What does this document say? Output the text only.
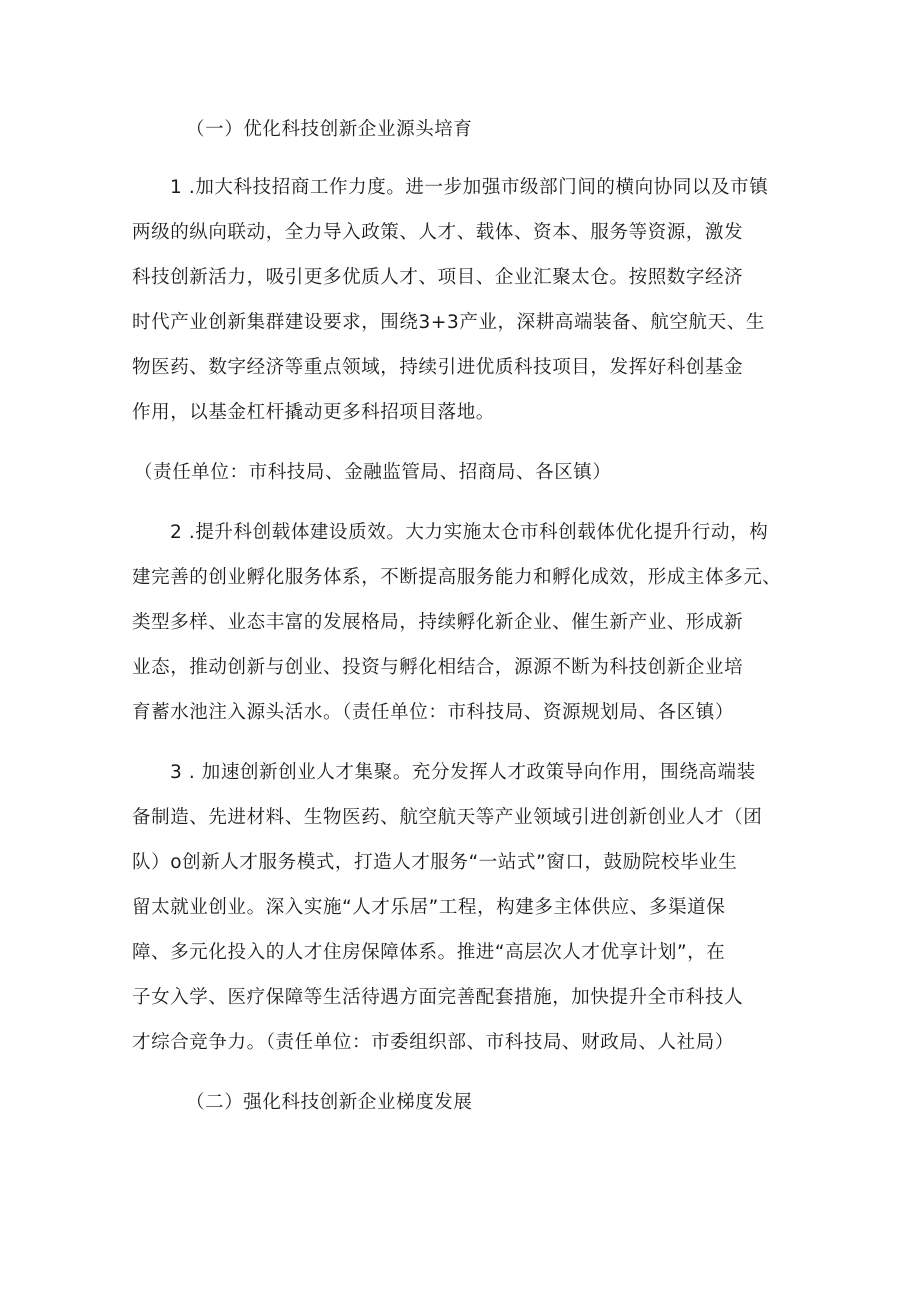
（一）优化科技创新企业源头培育
1 .加大科技招商工作力度。进一步加强市级部门间的横向协同以及市镇
两级的纵向联动，全力导入政策、人才、载体、资本、服务等资源，激发
科技创新活力，吸引更多优质人才、项目、企业汇聚太仓。按照数字经济
时代产业创新集群建设要求，围绕3+3产业，深耕高端装备、航空航天、生
物医药、数字经济等重点领域，持续引进优质科技项目，发挥好科创基金
作用，以基金杠杆撬动更多科招项目落地。
（责任单位：市科技局、金融监管局、招商局、各区镇）
2 .提升科创载体建设质效。大力实施太仓市科创载体优化提升行动，构
建完善的创业孵化服务体系，不断提高服务能力和孵化成效，形成主体多元、
类型多样、业态丰富的发展格局，持续孵化新企业、催生新产业、形成新
业态，推动创新与创业、投资与孵化相结合，源源不断为科技创新企业培
育蓄水池注入源头活水。（责任单位：市科技局、资源规划局、各区镇）
3 . 加速创新创业人才集聚。充分发挥人才政策导向作用，围绕高端装
备制造、先进材料、生物医药、航空航天等产业领域引进创新创业人才（团
队）o创新人才服务模式，打造人才服务“一站式”窗口，鼓励院校毕业生
留太就业创业。深入实施“人才乐居”工程，构建多主体供应、多渠道保
障、多元化投入的人才住房保障体系。推进“高层次人才优享计划”，在
子女入学、医疗保障等生活待遇方面完善配套措施，加快提升全市科技人
才综合竞争力。（责任单位：市委组织部、市科技局、财政局、人社局）
（二）强化科技创新企业梯度发展
